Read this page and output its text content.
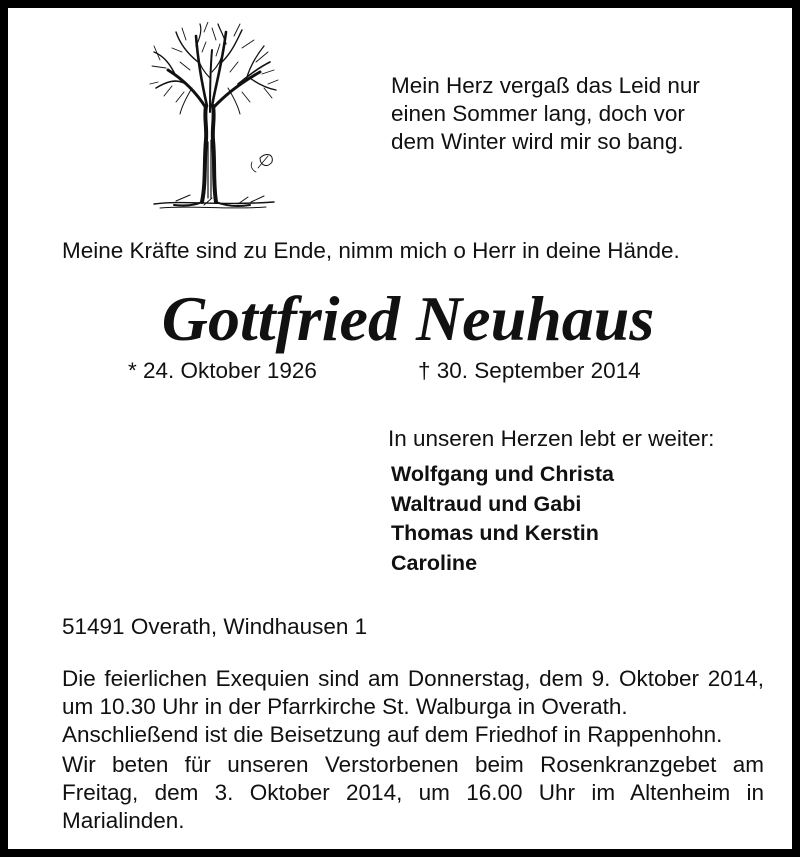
Mein Herz vergaß das Leid nur
einen Sommer lang, doch vor
dem Winter wird mir so bang.

Meine Kräfte sind zu Ende, nimm mich o Herr in deine Hände.

Gottfried Neuhaus
* 24. Oktober 1926	† 30. September 2014

In unseren Herzen lebt er weiter:

Wolfgang und Christa
Waltraud und Gabi
Thomas und Kerstin
Caroline

51491 Overath, Windhausen 1

Die feierlichen Exequien sind am Donnerstag, dem 9. Oktober 2014, um 10.30 Uhr in der Pfarrkirche St. Walburga in Overath.

Anschließend ist die Beisetzung auf dem Friedhof in Rappenhohn.

Wir beten für unseren Verstorbenen beim Rosenkranzgebet am Freitag, dem 3. Oktober 2014, um 16.00 Uhr im Altenheim in Marialinden.
